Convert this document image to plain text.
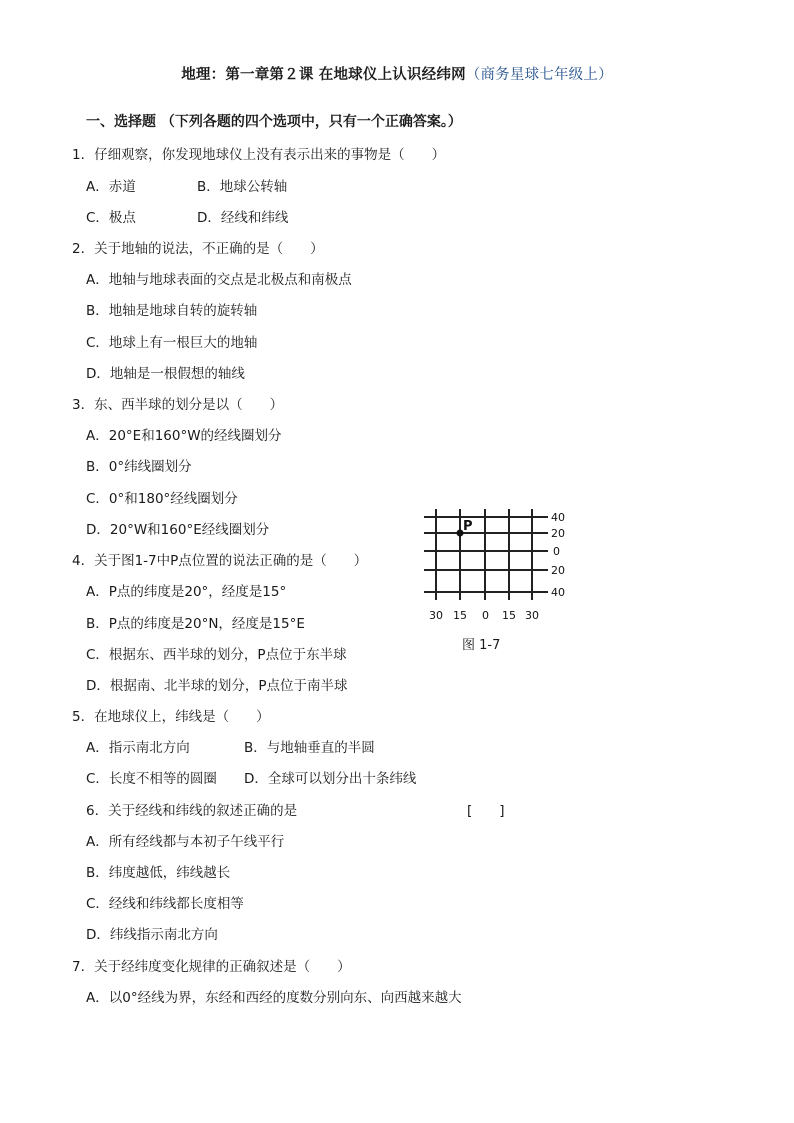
地理：第一章第２课 在地球仪上认识经纬网（商务星球七年级上）
一、选择题 （下列各题的四个选项中，只有一个正确答案。）
1．仔细观察，你发现地球仪上没有表示出来的事物是（　　）
A．赤道	B．地球公转轴
C．极点	D．经线和纬线
2．关于地轴的说法，不正确的是（　　）
A．地轴与地球表面的交点是北极点和南极点
B．地轴是地球自转的旋转轴
C．地球上有一根巨大的地轴
D．地轴是一根假想的轴线
3．东、西半球的划分是以（　　）
A．20°E和160°W的经线圈划分
B．0°纬线圈划分
C．0°和180°经线圈划分
D．20°W和160°E经线圈划分
4．关于图1-7中P点位置的说法正确的是（　　）
A．P点的纬度是20°，经度是15°
B．P点的纬度是20°N，经度是15°E
C．根据东、西半球的划分，P点位于东半球
D．根据南、北半球的划分，P点位于南半球
5．在地球仪上，纬线是（　　）
A．指示南北方向	B．与地轴垂直的半圆
C．长度不相等的圆圈 D．全球可以划分出十条纬线
6．关于经线和纬线的叙述正确的是	[　　]
A．所有经线都与本初子午线平行
B．纬度越低，纬线越长
C．经线和纬线都长度相等
D．纬线指示南北方向
7．关于经纬度变化规律的正确叙述是（　　）
A．以0°经线为界，东经和西经的度数分别向东、向西越来越大
P
40
20
0
20
40
30 15 0 15 30
图 1-7
